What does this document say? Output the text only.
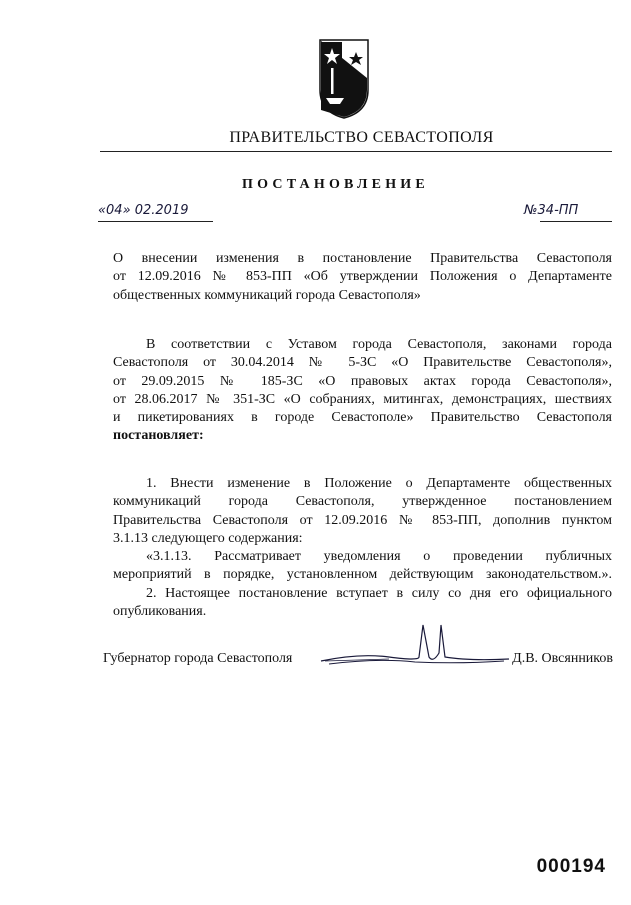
ПРАВИТЕЛЬСТВО СЕВАСТОПОЛЯ
ПОСТАНОВЛЕНИЕ
«04» 02.2019	№34-ПП
О внесении изменения в постановление Правительства Севастополя
от 12.09.2016 № 853-ПП «Об утверждении Положения о Департаменте
общественных коммуникаций города Севастополя»
В соответствии с Уставом города Севастополя, законами города
Севастополя от 30.04.2014 № 5-ЗС «О Правительстве Севастополя»,
от 29.09.2015 № 185-ЗС «О правовых актах города Севастополя»,
от 28.06.2017 № 351-ЗС «О собраниях, митингах, демонстрациях, шествиях
и пикетированиях в городе Севастополе» Правительство Севастополя
постановляет:
1. Внести изменение в Положение о Департаменте общественных
коммуникаций города Севастополя, утвержденное постановлением
Правительства Севастополя от 12.09.2016 № 853-ПП, дополнив пунктом
3.1.13 следующего содержания:
«3.1.13. Рассматривает уведомления о проведении публичных
мероприятий в порядке, установленном действующим законодательством.».
2. Настоящее постановление вступает в силу со дня его официального
опубликования.
Губернатор города Севастополя	Д.В. Овсянников
000194
